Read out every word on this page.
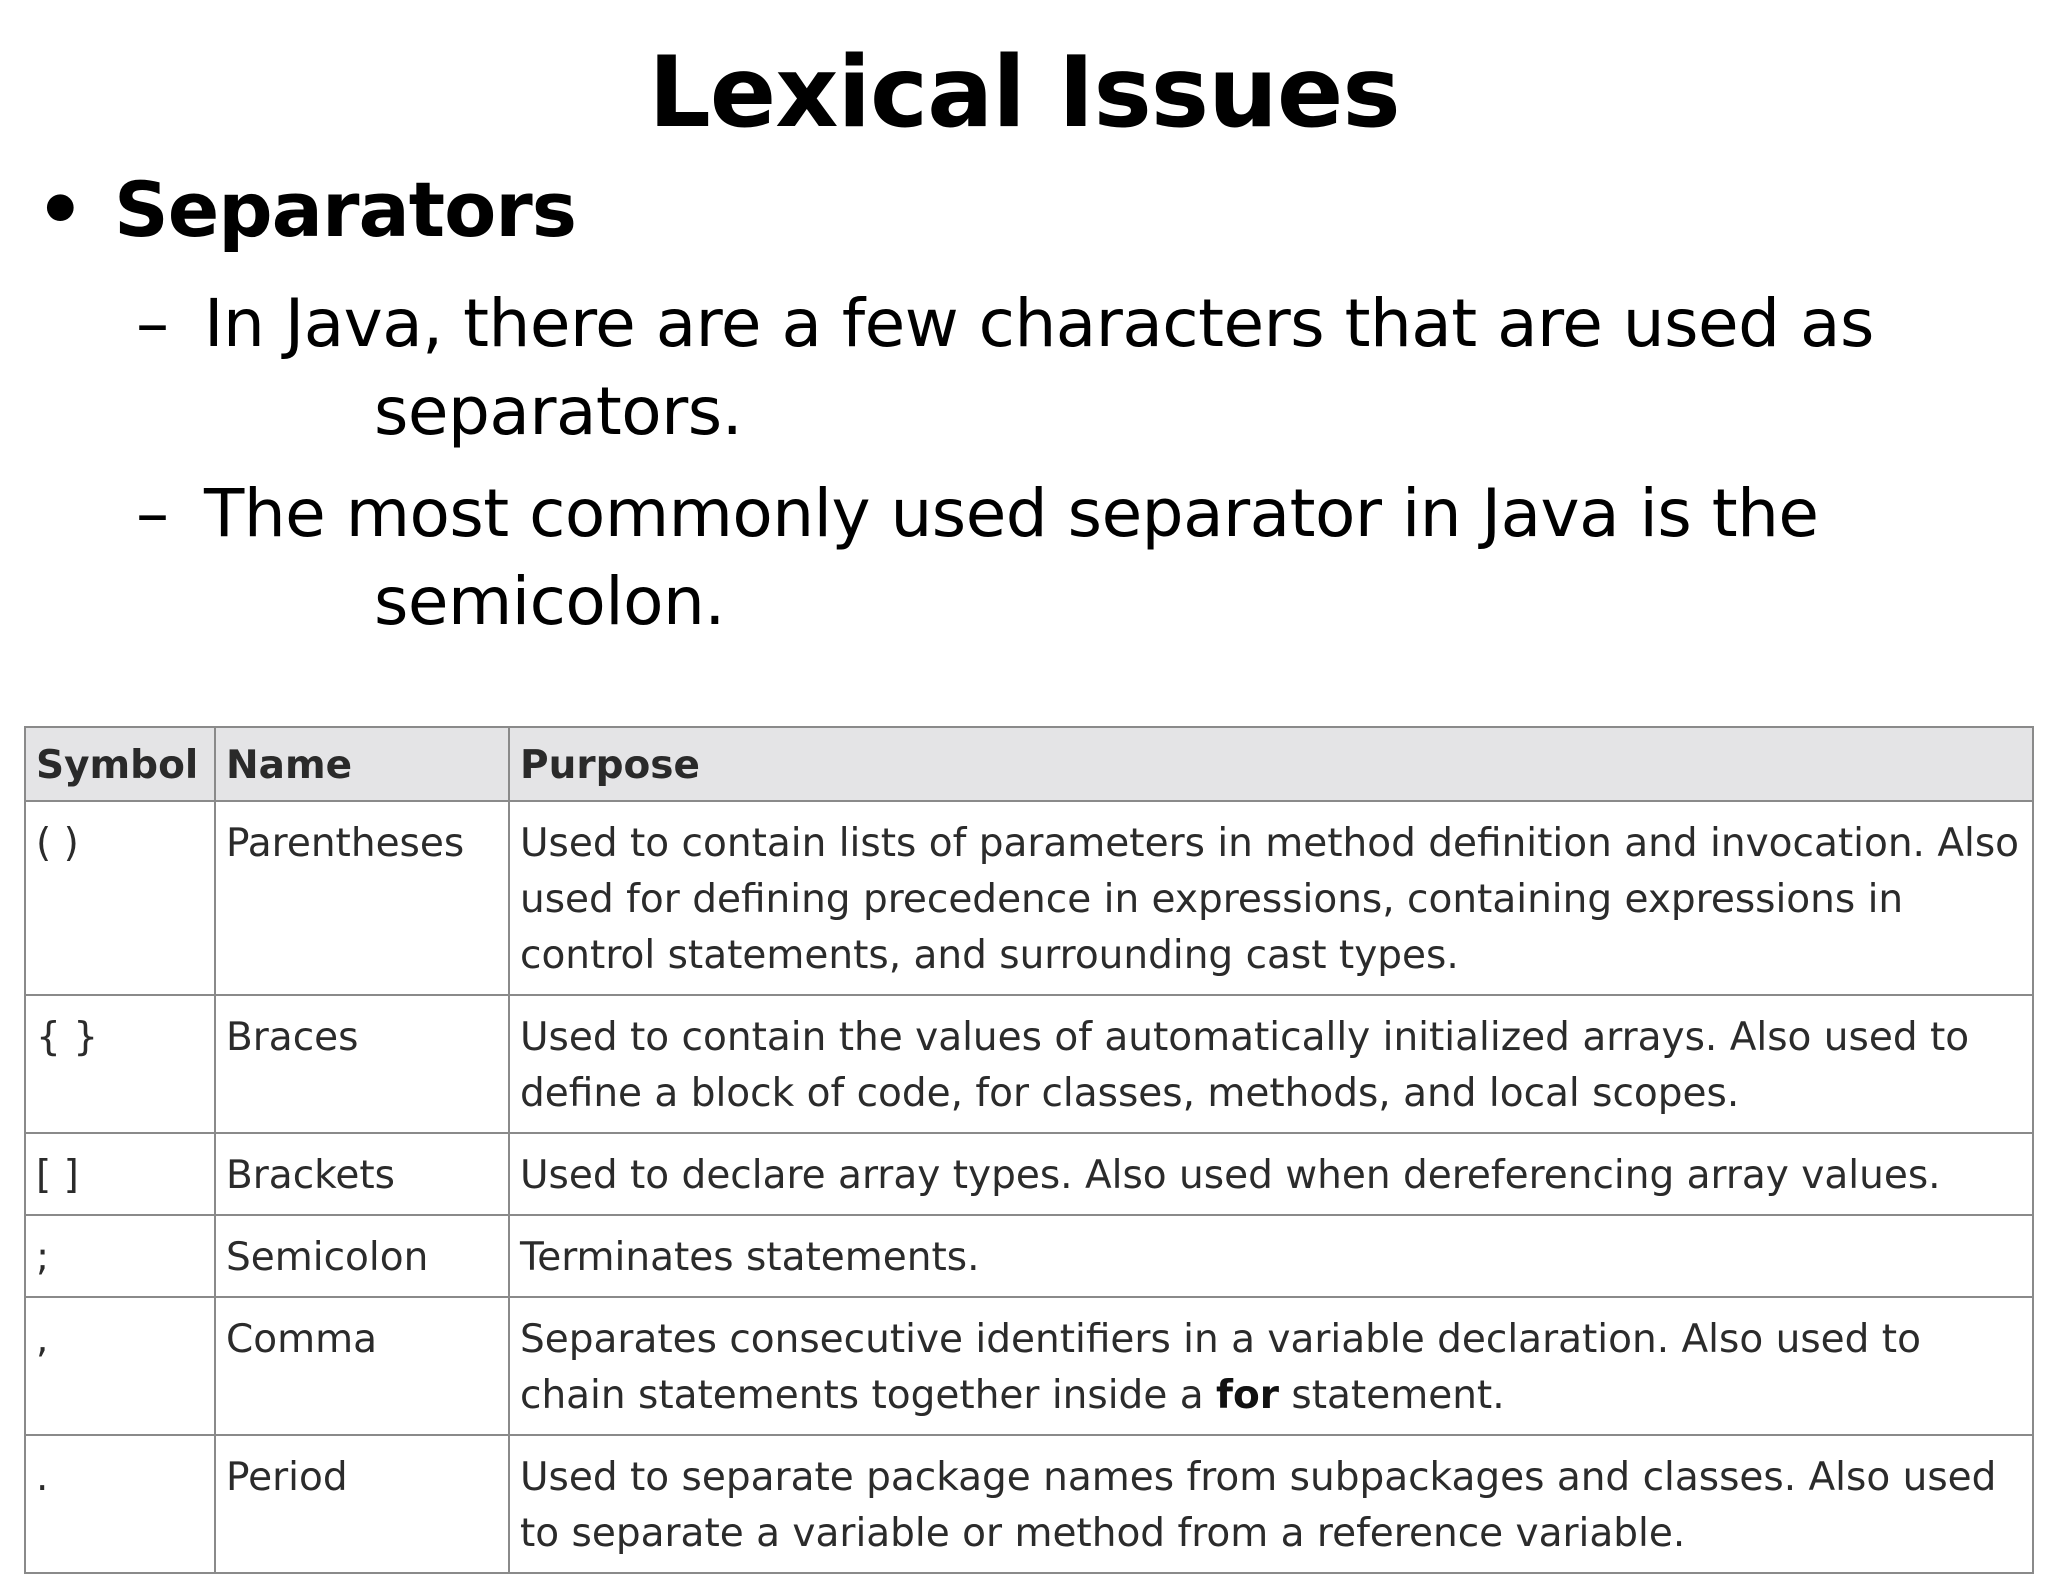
Lexical Issues
• Separators
– In Java, there are a few characters that are used as
separators.
– The most commonly used separator in Java is the
semicolon.
Symbol	Name	Purpose
( )	Parentheses	Used to contain lists of parameters in method definition and invocation. Also used for defining precedence in expressions, containing expressions in control statements, and surrounding cast types.
{ }	Braces	Used to contain the values of automatically initialized arrays. Also used to define a block of code, for classes, methods, and local scopes.
[ ]	Brackets	Used to declare array types. Also used when dereferencing array values.
;	Semicolon	Terminates statements.
,	Comma	Separates consecutive identifiers in a variable declaration. Also used to chain statements together inside a for statement.
.	Period	Used to separate package names from subpackages and classes. Also used to separate a variable or method from a reference variable.
